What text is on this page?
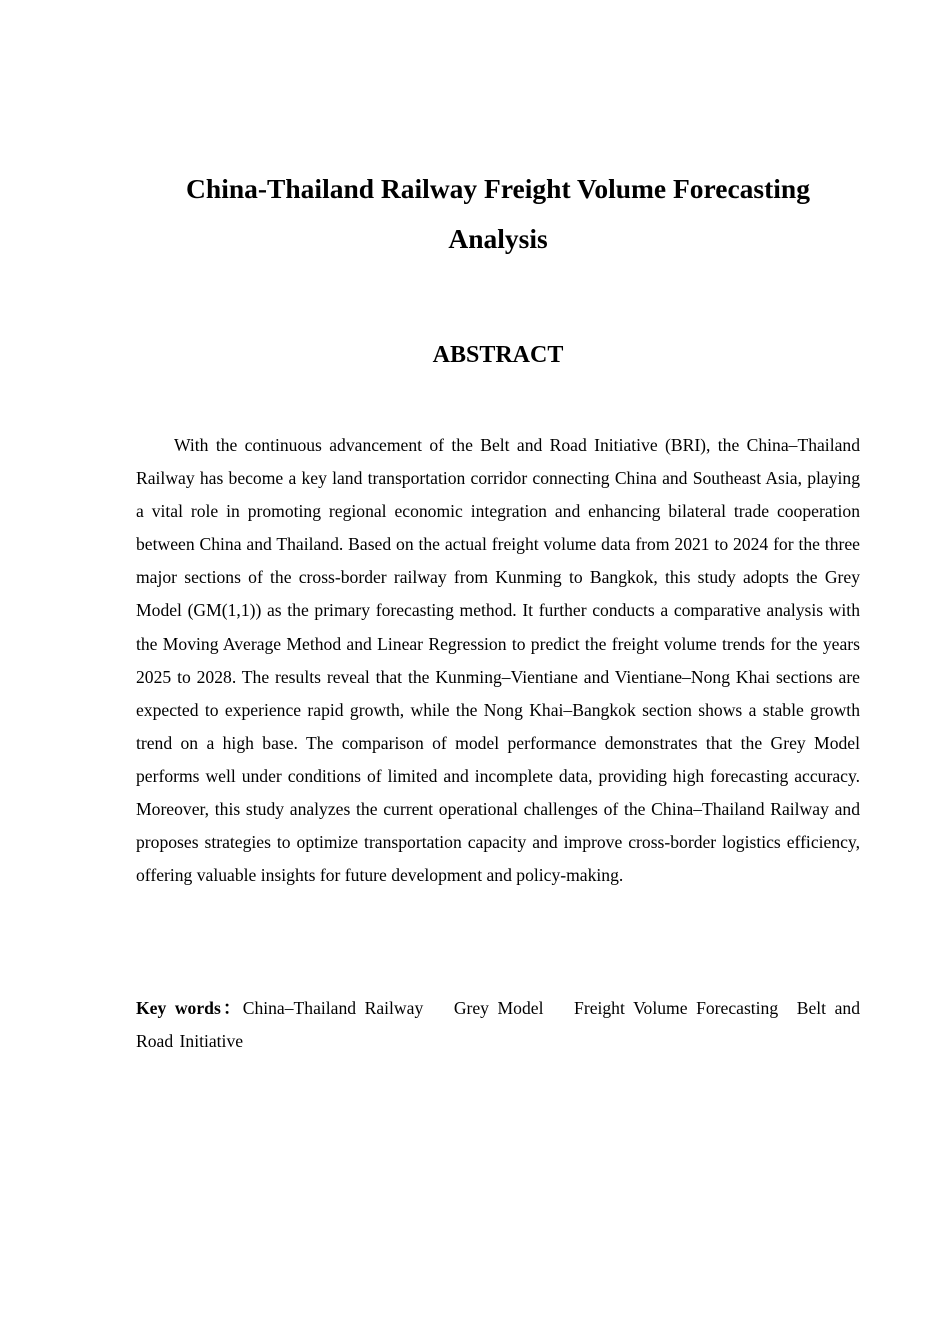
China-Thailand Railway Freight Volume Forecasting Analysis
ABSTRACT

With the continuous advancement of the Belt and Road Initiative (BRI), the China–Thailand Railway has become a key land transportation corridor connecting China and Southeast Asia, playing a vital role in promoting regional economic integration and enhancing bilateral trade cooperation between China and Thailand. Based on the actual freight volume data from 2021 to 2024 for the three major sections of the cross-border railway from Kunming to Bangkok, this study adopts the Grey Model (GM(1,1)) as the primary forecasting method. It further conducts a comparative analysis with the Moving Average Method and Linear Regression to predict the freight volume trends for the years 2025 to 2028. The results reveal that the Kunming–Vientiane and Vientiane–Nong Khai sections are expected to experience rapid growth, while the Nong Khai–Bangkok section shows a stable growth trend on a high base. The comparison of model performance demonstrates that the Grey Model performs well under conditions of limited and incomplete data, providing high forecasting accuracy. Moreover, this study analyzes the current operational challenges of the China–Thailand Railway and proposes strategies to optimize transportation capacity and improve cross-border logistics efficiency, offering valuable insights for future development and policy-making.

Key words：China–Thailand Railway Grey Model Freight Volume Forecasting Belt and Road Initiative
